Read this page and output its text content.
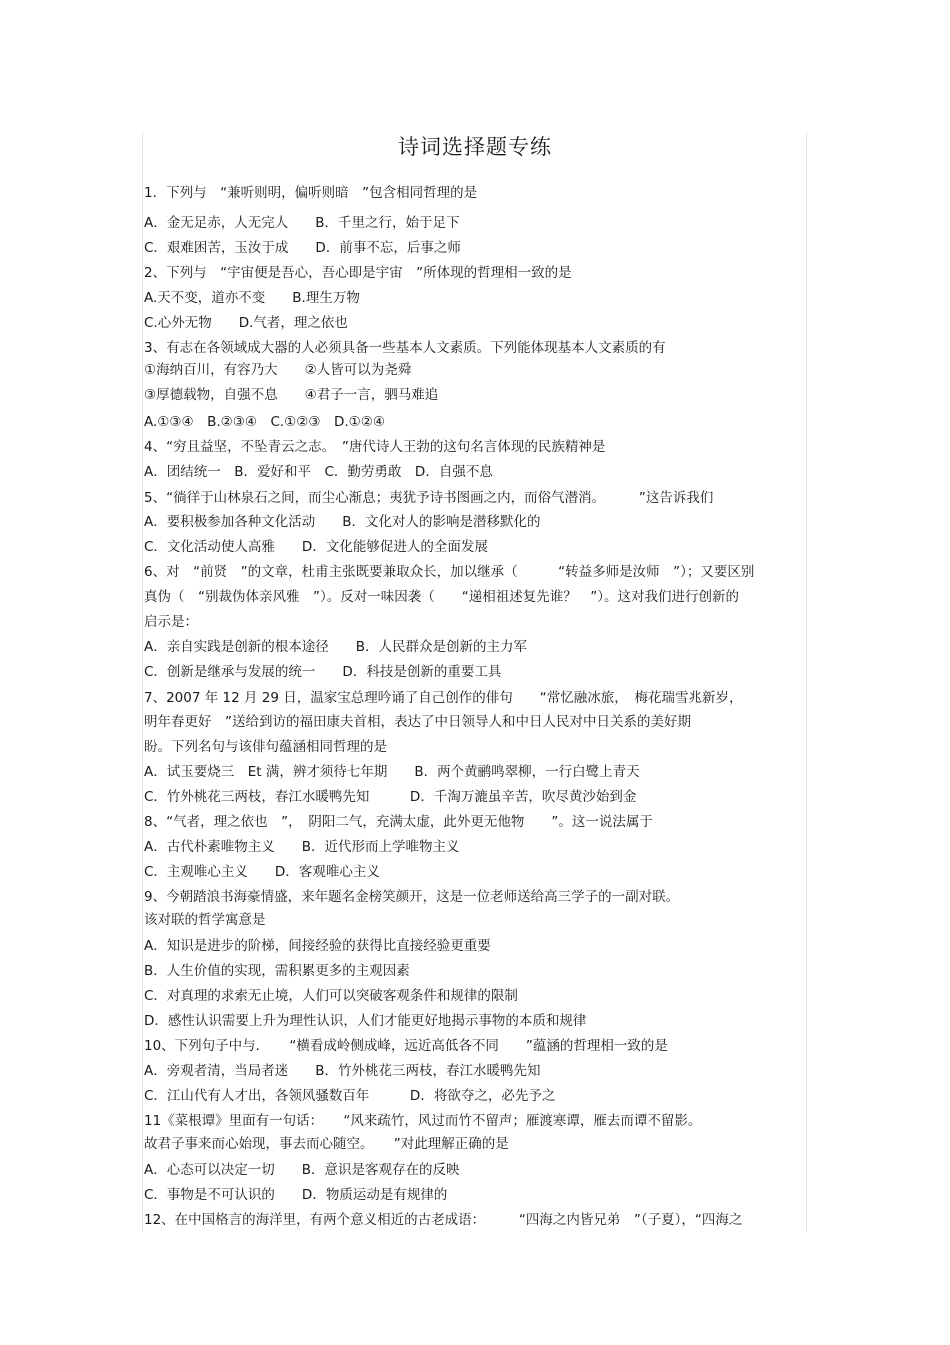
诗词选择题专练
1．下列与　“兼听则明，偏听则暗　”包含相同哲理的是
A．金无足赤，人无完人　　B．千里之行，始于足下
C．艰难困苦，玉汝于成　　D．前事不忘，后事之师
2、下列与　“宇宙便是吾心，吾心即是宇宙　”所体现的哲理相一致的是
A.天不变，道亦不变　　B.理生万物
C.心外无物　　D.气者，理之依也
3、有志在各领域成大器的人必须具备一些基本人文素质。下列能体现基本人文素质的有
①海纳百川，有容乃大　　②人皆可以为尧舜
③厚德载物，自强不息　　④君子一言，驷马难追
A.①③④　B.②③④　C.①②③　D.①②④
4、“穷且益坚，不坠青云之志。　”唐代诗人王勃的这句名言体现的民族精神是
A．团结统一　B．爱好和平　C．勤劳勇敢　D．自强不息
5、“徜徉于山林泉石之间，而尘心渐息；夷犹予诗书图画之内，而俗气潜消。　　　”这告诉我们
A．要积极参加各种文化活动　　B．文化对人的影响是潜移默化的
C．文化活动使人高雅　　D．文化能够促进人的全面发展
6、对　“前贤　”的文章，杜甫主张既要兼取众长，加以继承（　　　“转益多师是汝师　”）；又要区别
真伪（　“别裁伪体亲风雅　”）。反对一味因袭（　　“递相祖述复先谁？　”）。这对我们进行创新的
启示是：
A．亲自实践是创新的根本途径　　B．人民群众是创新的主力军
C．创新是继承与发展的统一　　D．科技是创新的重要工具
7、2007 年 12 月 29 日，温家宝总理吟诵了自己创作的俳句　　“常忆融冰旅，　梅花瑞雪兆新岁，
明年春更好　”送给到访的福田康夫首相，表达了中日领导人和中日人民对中日关系的美好期
盼。下列名句与该俳句蕴涵相同哲理的是
A．试玉要烧三　Et 满，辨才须待七年期　　B．两个黄鹂鸣翠柳，一行白鹭上青天
C．竹外桃花三两枝，春江水暖鸭先知　　　D．千淘万漉虽辛苦，吹尽黄沙始到金
8、“气者，理之依也　”，　阴阳二气，充满太虚，此外更无他物　　”。这一说法属于
A．古代朴素唯物主义　　B．近代形而上学唯物主义
C．主观唯心主义　　D．客观唯心主义
9、今朝踏浪书海豪情盛，来年题名金榜笑颜开，这是一位老师送给高三学子的一副对联。
该对联的哲学寓意是
A．知识是进步的阶梯，间接经验的获得比直接经验更重要
B．人生价值的实现，需积累更多的主观因素
C．对真理的求索无止境，人们可以突破客观条件和规律的限制
D．感性认识需要上升为理性认识，人们才能更好地揭示事物的本质和规律
10、下列句子中与．　　“横看成岭侧成峰，远近高低各不同　　”蕴涵的哲理相一致的是
A．旁观者清，当局者迷　　B．竹外桃花三两枝，春江水暖鸭先知
C．江山代有人才出，各领风骚数百年　　　D．将欲夺之，必先予之
11《菜根谭》里面有一句话：　　“风来疏竹，风过而竹不留声；雁渡寒谭，雁去而谭不留影。
故君子事来而心始现，事去而心随空。　　”对此理解正确的是
A．心态可以决定一切　　B．意识是客观存在的反映
C．事物是不可认识的　　D．物质运动是有规律的
12、在中国格言的海洋里，有两个意义相近的古老成语：　　　“四海之内皆兄弟　”（子夏），“四海之
